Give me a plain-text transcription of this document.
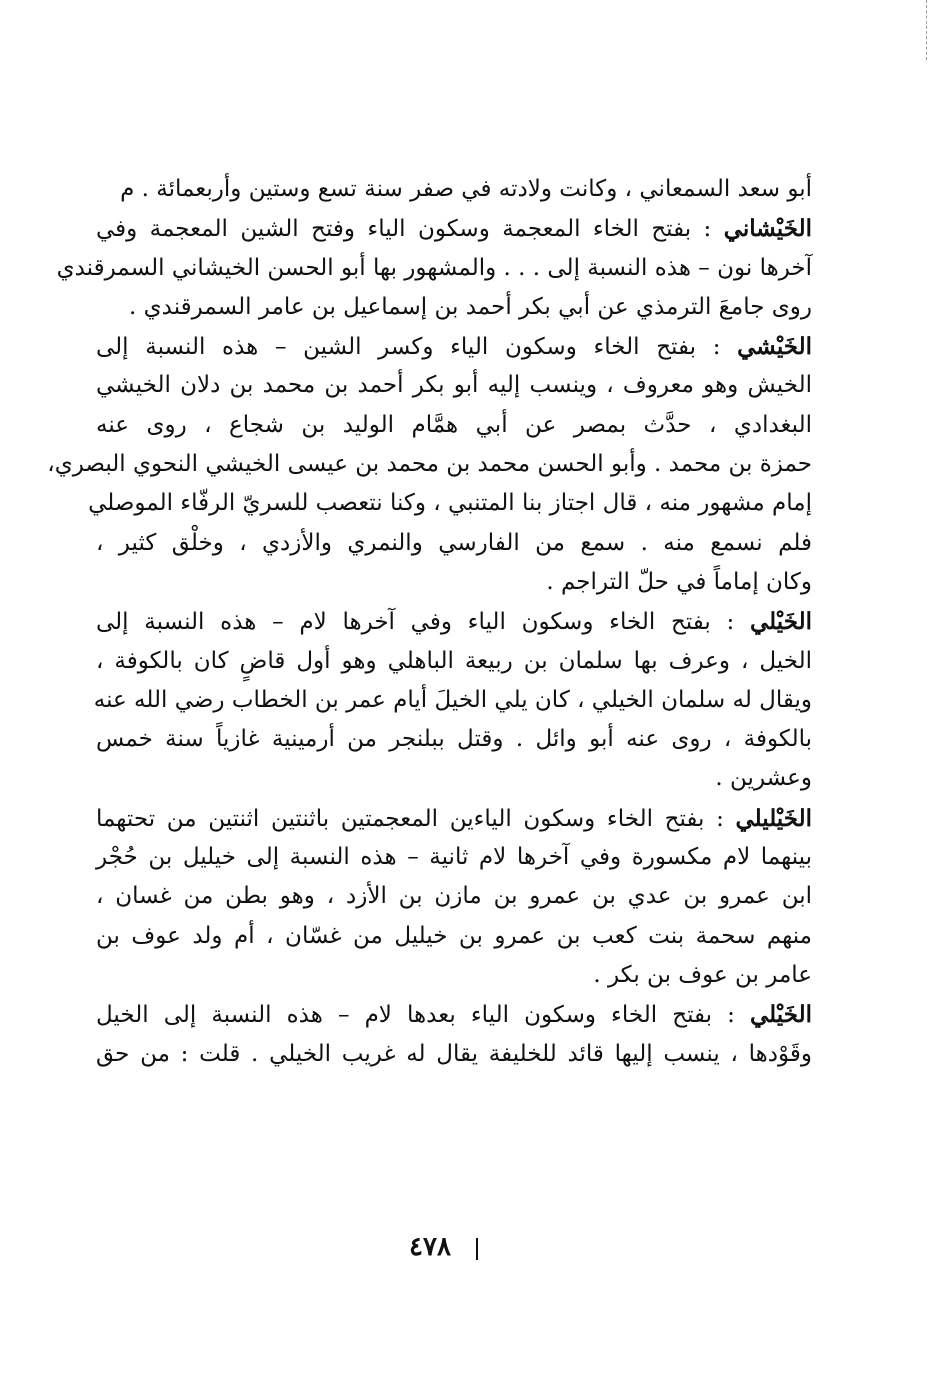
أبو سعد السمعاني ، وكانت ولادته في صفر سنة تسع وستين وأربعمائة . م
الخَيْشاني : بفتح الخاء المعجمة وسكون الياء وفتح الشين المعجمة وفي
آخرها نون – هذه النسبة إلى . . . والمشهور بها أبو الحسن الخيشاني السمرقندي
روى جامعَ الترمذي عن أبي بكر أحمد بن إسماعيل بن عامر السمرقندي .
الخَيْشي : بفتح الخاء وسكون الياء وكسر الشين – هذه النسبة إلى
الخيش وهو معروف ، وينسب إليه أبو بكر أحمد بن محمد بن دلان الخيشي
البغدادي ، حدَّث بمصر عن أبي همَّام الوليد بن شجاع ، روى عنه
حمزة بن محمد . وأبو الحسن محمد بن محمد بن عيسى الخيشي النحوي البصري،
إمام مشهور منه ، قال اجتاز بنا المتنبي ، وكنا نتعصب للسريّ الرفّاء الموصلي
فلم نسمع منه . سمع من الفارسي والنمري والأزدي ، وخلْق كثير ،
وكان إماماً في حلّ التراجم .
الخَيْلي : بفتح الخاء وسكون الياء وفي آخرها لام – هذه النسبة إلى
الخيل ، وعرف بها سلمان بن ربيعة الباهلي وهو أول قاضٍ كان بالكوفة ،
ويقال له سلمان الخيلي ، كان يلي الخيلَ أيام عمر بن الخطاب رضي الله عنه
بالكوفة ، روى عنه أبو وائل . وقتل ببلنجر من أرمينية غازياً سنة خمس
وعشرين .
الخَيْليلي : بفتح الخاء وسكون الياءين المعجمتين باثنتين اثنتين من تحتهما
بينهما لام مكسورة وفي آخرها لام ثانية – هذه النسبة إلى خيليل بن حُجْر
ابن عمرو بن عدي بن عمرو بن مازن بن الأزد ، وهو بطن من غسان ،
منهم سحمة بنت كعب بن عمرو بن خيليل من غسّان ، أم ولد عوف بن
عامر بن عوف بن بكر .
الخَيْلي : بفتح الخاء وسكون الياء بعدها لام – هذه النسبة إلى الخيل
وقَوْدها ، ينسب إليها قائد للخليفة يقال له غريب الخيلي . قلت : من حق
٤٧٨
